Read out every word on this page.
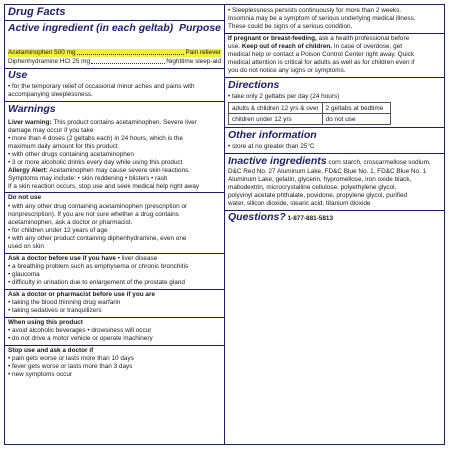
Drug Facts
Active ingredient (in each geltab) Purpose
Acetaminophen 500 mg	Pain reliever
Diphenhydramine HCl 25 mg	Nighttime sleep-aid
Use
• for the temporary relief of occasional minor aches and pains with
accompanying sleeplessness.
Warnings
Liver warning: This product contains acetaminophen. Severe liver
damage may occur if you take
• more than 4 doses (2 geltabs each) in 24 hours, which is the
maximum daily amount for this product
• with other drugs containing acetaminophen
• 3 or more alcoholic drinks every day while using this product
Allergy Alert: Acetaminophen may cause severe skin reactions.
Symptoms may include: • skin reddening • blisters • rash
If a skin reaction occurs, stop use and seek medical help right away
Do not use
• with any other drug containing acetaminophen (prescription or
nonprescription). If you are not sure whether a drug contains
acetaminophen, ask a doctor or pharmacist.
• for children under 12 years of age
• with any other product containing diphenhydramine, even one
used on skin
Ask a doctor before use if you have • liver disease
• a breathing problem such as emphysema or chronic bronchitis
• glaucoma
• difficulty in urination due to enlargement of the prostate gland
Ask a doctor or pharmacist before use if you are
• taking the blood thinning drug warfarin
• taking sedatives or tranquilizers
When using this product
• avoid alcoholic beverages • drowsiness will occur
• do not drive a motor vehicle or operate machinery
Stop use and ask a doctor if
• pain gets worse or lasts more than 10 days
• fever gets worse or lasts more than 3 days
• new symptoms occur
• Sleeplessness persists continuously for more than 2 weeks.
Insomnia may be a symptom of serious underlying medical illness.
These could be signs of a serious condition.
If pregnant or breast-feeding, ask a health professional before
use. Keep out of reach of children. In case of overdose, get
medical help or contact a Poison Control Center right away. Quick
medical attention is critical for adults as well as for children even if
you do not notice any signs or symptoms.
Directions
• take only 2 geltabs per day (24 hours)
adults & children 12 yrs & over	2 geltabs at bedtime
children under 12 yrs	do not use
Other information
• store at no greater than 25°C
Inactive ingredients corn starch, croscarmellose sodium,
D&C Red No. 27 Aluminum Lake, FD&C Blue No. 1, FD&C Blue No. 1
Aluminum Lake, gelatin, glycerin, hypromellose, iron oxide black,
maltodextrin, microcrystalline cellulose, polyethylene glycol,
polyvinyl acetate phthalate, povidone, propylene glycol, purified
water, silicon dioxide, stearic acid, titanium dioxide
Questions? 1-877-881-5813
